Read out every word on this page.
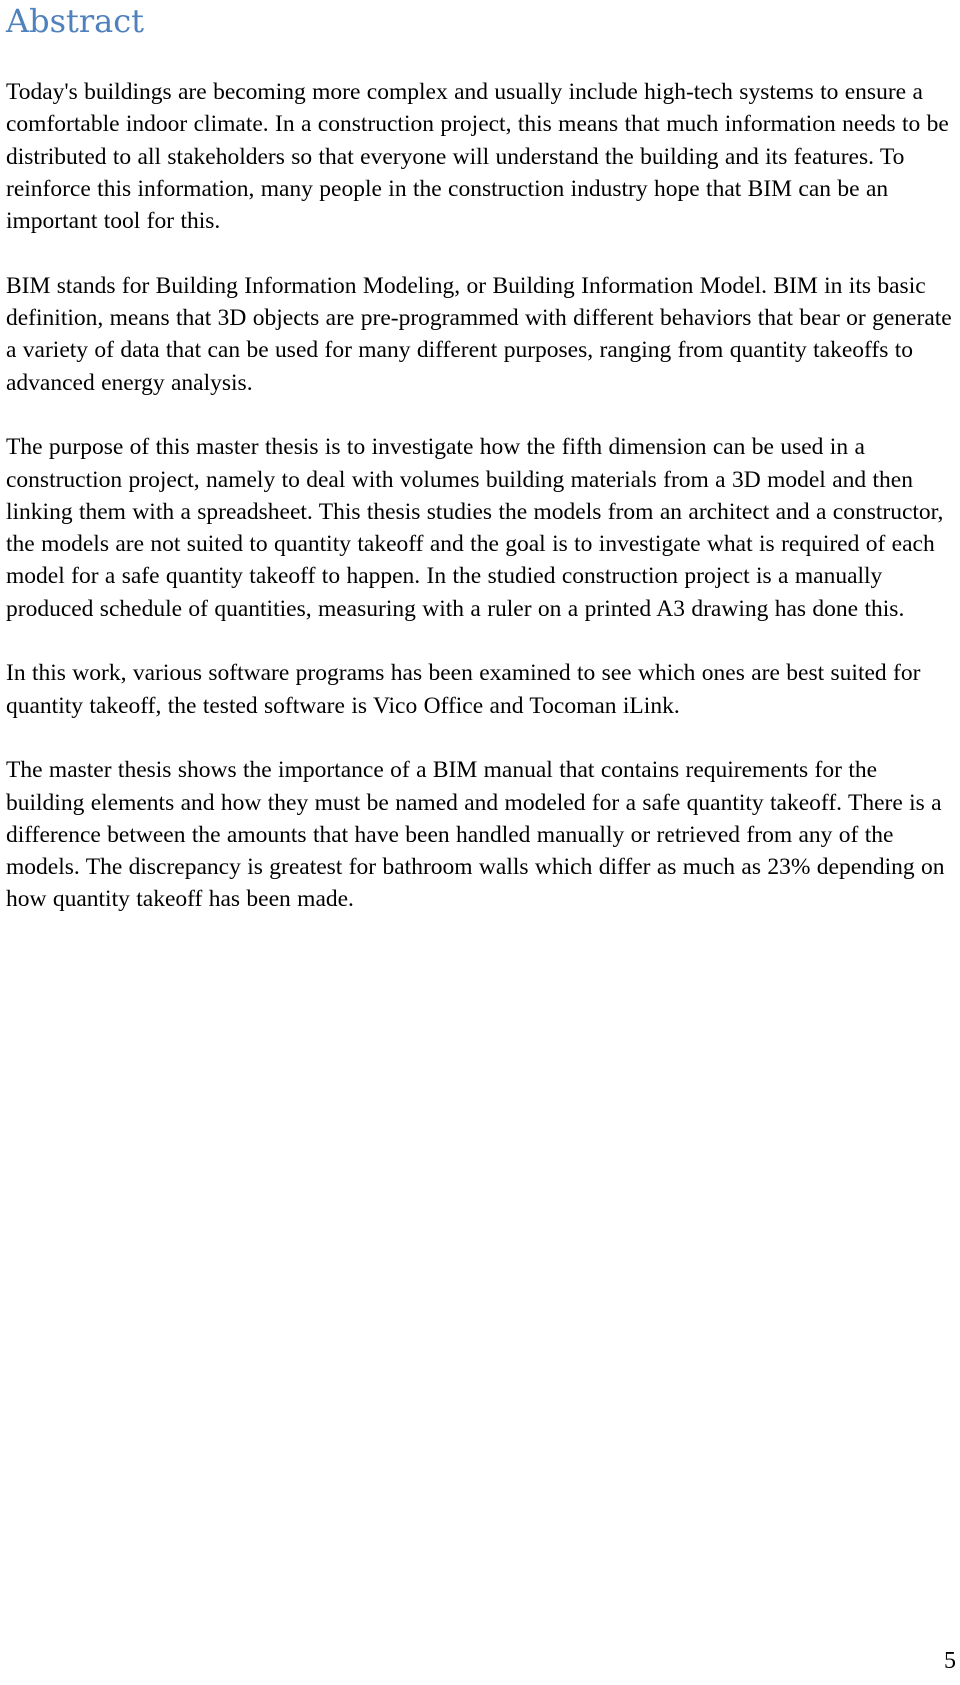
Abstract

Today's buildings are becoming more complex and usually include high-tech systems to ensure a comfortable indoor climate. In a construction project, this means that much information needs to be distributed to all stakeholders so that everyone will understand the building and its features. To reinforce this information, many people in the construction industry hope that BIM can be an important tool for this.

BIM stands for Building Information Modeling, or Building Information Model. BIM in its basic definition, means that 3D objects are pre-programmed with different behaviors that bear or generate a variety of data that can be used for many different purposes, ranging from quantity takeoffs to advanced energy analysis.

The purpose of this master thesis is to investigate how the fifth dimension can be used in a construction project, namely to deal with volumes building materials from a 3D model and then linking them with a spreadsheet. This thesis studies the models from an architect and a constructor, the models are not suited to quantity takeoff and the goal is to investigate what is required of each model for a safe quantity takeoff to happen. In the studied construction project is a manually produced schedule of quantities, measuring with a ruler on a printed A3 drawing has done this.

In this work, various software programs has been examined to see which ones are best suited for quantity takeoff, the tested software is Vico Office and Tocoman iLink.

The master thesis shows the importance of a BIM manual that contains requirements for the building elements and how they must be named and modeled for a safe quantity takeoff. There is a difference between the amounts that have been handled manually or retrieved from any of the models. The discrepancy is greatest for bathroom walls which differ as much as 23% depending on how quantity takeoff has been made.

5
